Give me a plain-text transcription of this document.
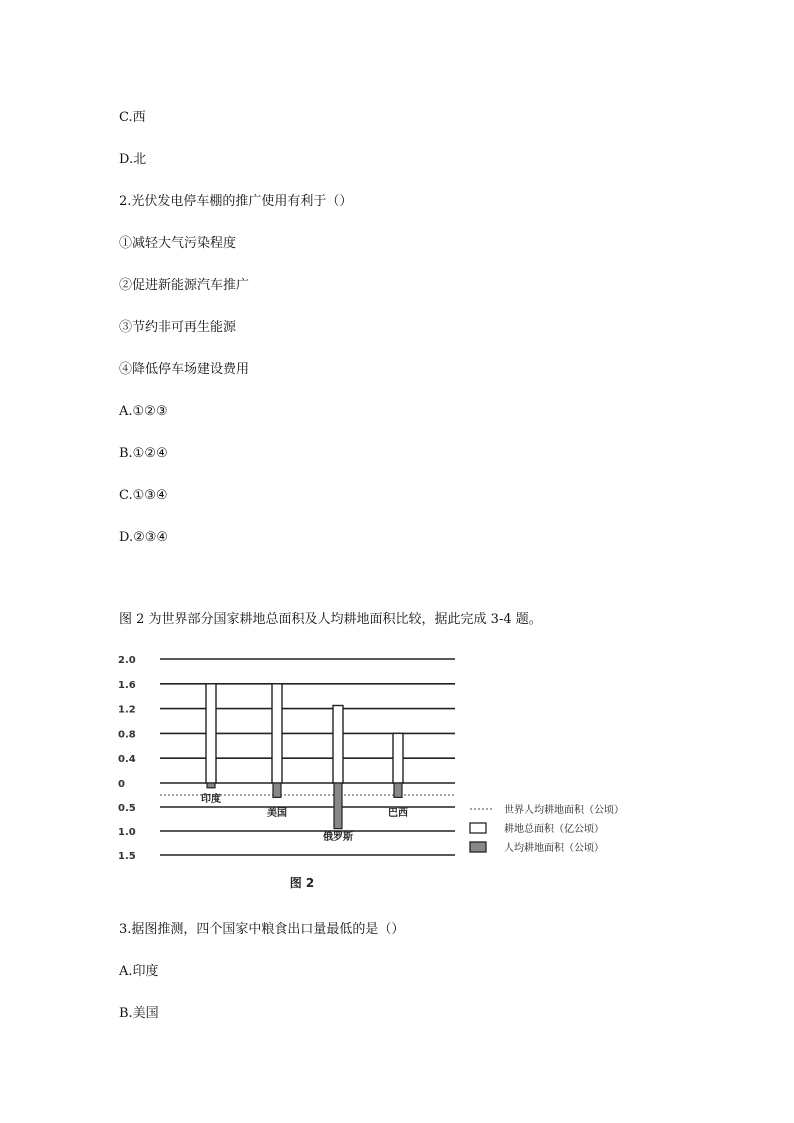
C.西
D.北
2.光伏发电停车棚的推广使用有利于（）
①减轻大气污染程度
②促进新能源汽车推广
③节约非可再生能源
④降低停车场建设费用
A.①②③
B.①②④
C.①③④
D.②③④
图 2 为世界部分国家耕地总面积及人均耕地面积比较，据此完成 3-4 题。
2.0
1.6
1.2
0.8
0.4
0
0.5
1.0
1.5
印度
美国
俄罗斯
巴西	世界人均耕地面积（公顷）
耕地总面积（亿公顷）
人均耕地面积（公顷）
图 2
3.据图推测，四个国家中粮食出口量最低的是（）
A.印度
B.美国
